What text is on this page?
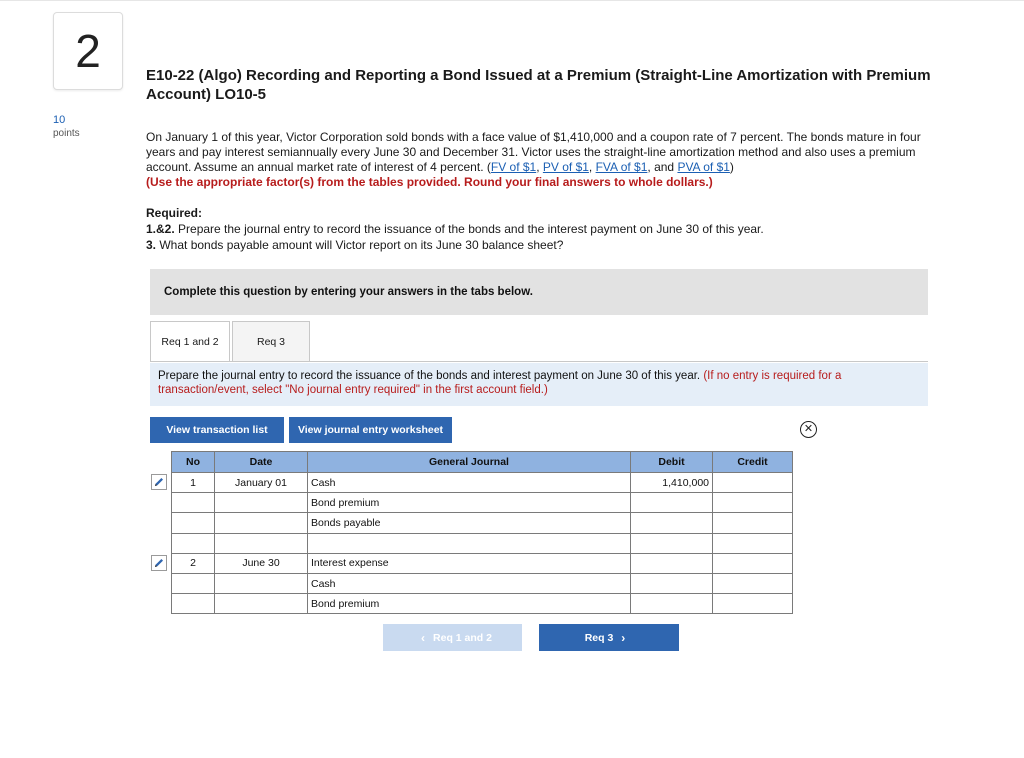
2
10
points
E10-22 (Algo) Recording and Reporting a Bond Issued at a Premium (Straight-Line Amortization with Premium Account) LO10-5
On January 1 of this year, Victor Corporation sold bonds with a face value of $1,410,000 and a coupon rate of 7 percent. The bonds mature in four years and pay interest semiannually every June 30 and December 31. Victor uses the straight-line amortization method and also uses a premium account. Assume an annual market rate of interest of 4 percent. (FV of $1, PV of $1, FVA of $1, and PVA of $1)
(Use the appropriate factor(s) from the tables provided. Round your final answers to whole dollars.)
Required:
1.&2. Prepare the journal entry to record the issuance of the bonds and the interest payment on June 30 of this year.
3. What bonds payable amount will Victor report on its June 30 balance sheet?
Complete this question by entering your answers in the tabs below.
Req 1 and 2	Req 3
Prepare the journal entry to record the issuance of the bonds and interest payment on June 30 of this year. (If no entry is required for a transaction/event, select "No journal entry required" in the first account field.)
View transaction list	View journal entry worksheet	✕
No	Date	General Journal	Debit	Credit
1	January 01	Cash	1,410,000	
		Bond premium		
		Bonds payable		

2	June 30	Interest expense		
		Cash		
		Bond premium		
‹ Req 1 and 2	Req 3 ›
